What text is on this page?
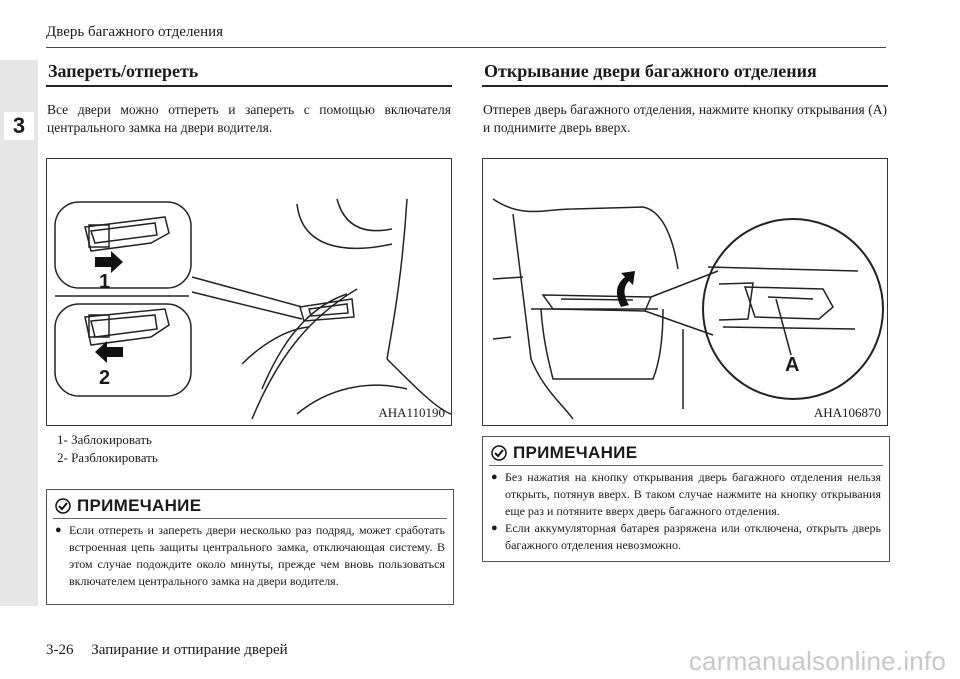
3
Дверь багажного отделения
Запереть/отпереть
Все двери можно отпереть и запереть с помощью включателя центрального замка на двери водителя.
1
2
AHA110190
1- Заблокировать
2- Разблокировать
ПРИМЕЧАНИЕ
● Если отперeть и запереть двери несколько раз подряд, может сработать встроенная цепь защиты центрального замка, отключающая систему. В этом случае подождите около минуты, прежде чем вновь пользоваться включателем центрального замка на двери водителя.
Открывание двери багажного отделения
Отперев дверь багажного отделения, нажмите кнопку открывания (A) и поднимите дверь вверх.
A
AHA106870
ПРИМЕЧАНИЕ
● Без нажатия на кнопку открывания дверь багажного отделения нельзя открыть, потянув вверх. В таком случае нажмите на кнопку открывания еще раз и потяните вверх дверь багажного отделения.
● Если аккумуляторная батарея разряжена или отключена, открыть дверь багажного отделения невозможно.
3-26 Запирание и отпирание дверей	carmanualsonline.info
